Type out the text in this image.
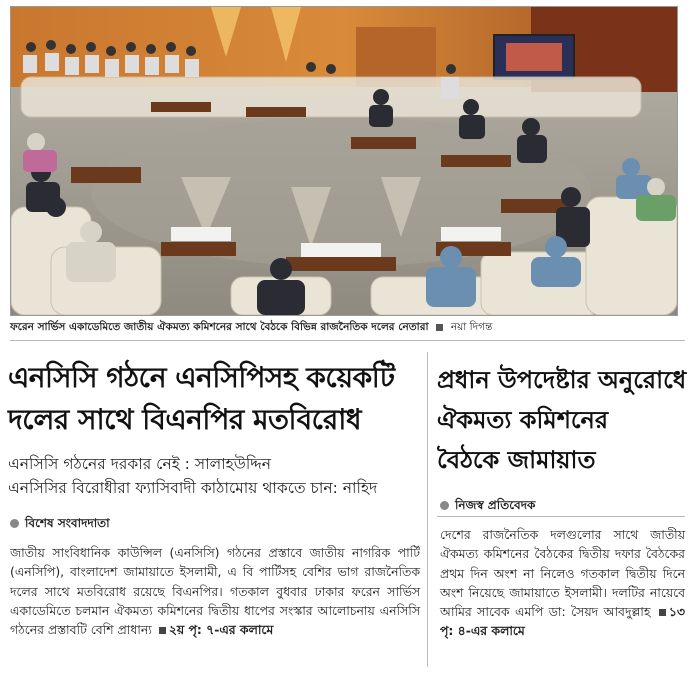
ফরেন সার্ভিস একাডেমিতে জাতীয় ঐকমত্য কমিশনের সাথে বৈঠকে বিভিন্ন রাজনৈতিক দলের নেতারা নয়া দিগন্ত
এনসিসি গঠনে এনসিপিসহ কয়েকটি
দলের সাথে বিএনপির মতবিরোধ
এনসিসি গঠনের দরকার নেই : সালাহউদ্দিন
এনসিসির বিরোধীরা ফ্যাসিবাদী কাঠামোয় থাকতে চান: নাহিদ
বিশেষ সংবাদদাতা
জাতীয় সাংবিধানিক কাউন্সিল (এনসিসি) গঠনের প্রস্তাবে জাতীয় নাগরিক পার্টি (এনসিপি), বাংলাদেশ জামায়াতে ইসলামী, এ বি পার্টিসহ বেশির ভাগ রাজনৈতিক দলের সাথে মতবিরোধ রয়েছে বিএনপির। গতকাল বুধবার ঢাকার ফরেন সার্ভিস একাডেমিতে চলমান ঐকমত্য কমিশনের দ্বিতীয় ধাপের সংস্কার আলোচনায় এনসিসি গঠনের প্রস্তাবটি বেশি প্রাধান্য ২য় পৃ: ৭-এর কলামে
প্রধান উপদেষ্টার অনুরোধে
ঐকমত্য কমিশনের
বৈঠকে জামায়াত
নিজস্ব প্রতিবেদক
দেশের রাজনৈতিক দলগুলোর সাথে জাতীয় ঐকমত্য কমিশনের বৈঠকের দ্বিতীয় দফার বৈঠকের প্রথম দিন অংশ না নিলেও গতকাল দ্বিতীয় দিনে অংশ নিয়েছে জামায়াতে ইসলামী। দলটির নায়েবে আমির সাবেক এমপি ডা: সৈয়দ আবদুল্লাহ ১৩ পৃ: ৪-এর কলামে
